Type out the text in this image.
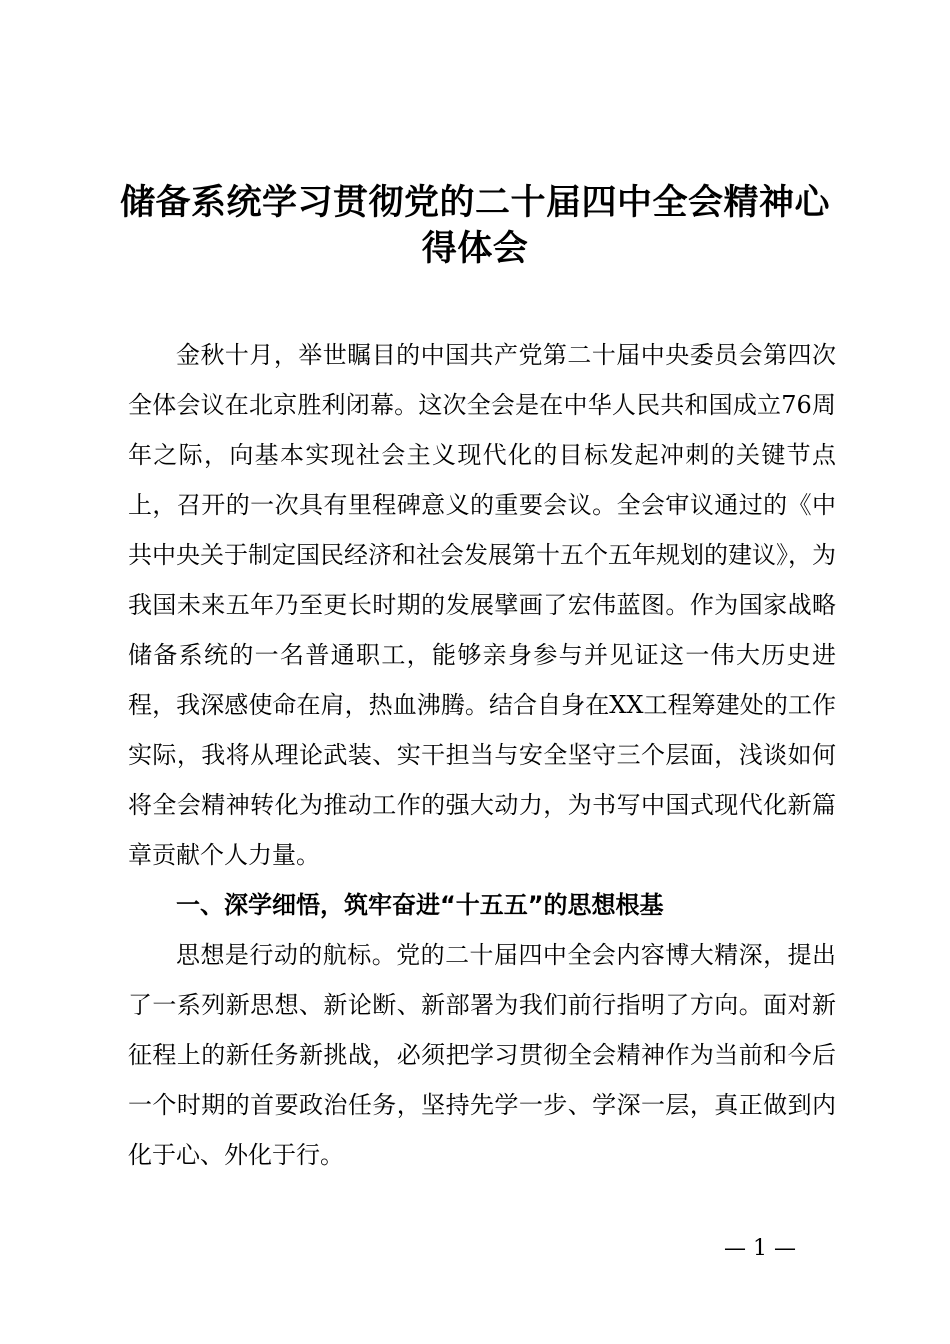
储备系统学习贯彻党的二十届四中全会精神心得体会

金秋十月，举世瞩目的中国共产党第二十届中央委员会第四次全体会议在北京胜利闭幕。这次全会是在中华人民共和国成立76周年之际，向基本实现社会主义现代化的目标发起冲刺的关键节点上，召开的一次具有里程碑意义的重要会议。全会审议通过的《中共中央关于制定国民经济和社会发展第十五个五年规划的建议》，为我国未来五年乃至更长时期的发展擘画了宏伟蓝图。作为国家战略储备系统的一名普通职工，能够亲身参与并见证这一伟大历史进程，我深感使命在肩，热血沸腾。结合自身在XX工程筹建处的工作实际，我将从理论武装、实干担当与安全坚守三个层面，浅谈如何将全会精神转化为推动工作的强大动力，为书写中国式现代化新篇章贡献个人力量。

一、深学细悟，筑牢奋进“十五五”的思想根基

思想是行动的航标。党的二十届四中全会内容博大精深，提出了一系列新思想、新论断、新部署为我们前行指明了方向。面对新征程上的新任务新挑战，必须把学习贯彻全会精神作为当前和今后一个时期的首要政治任务，坚持先学一步、学深一层，真正做到内化于心、外化于行。

— 1 —
